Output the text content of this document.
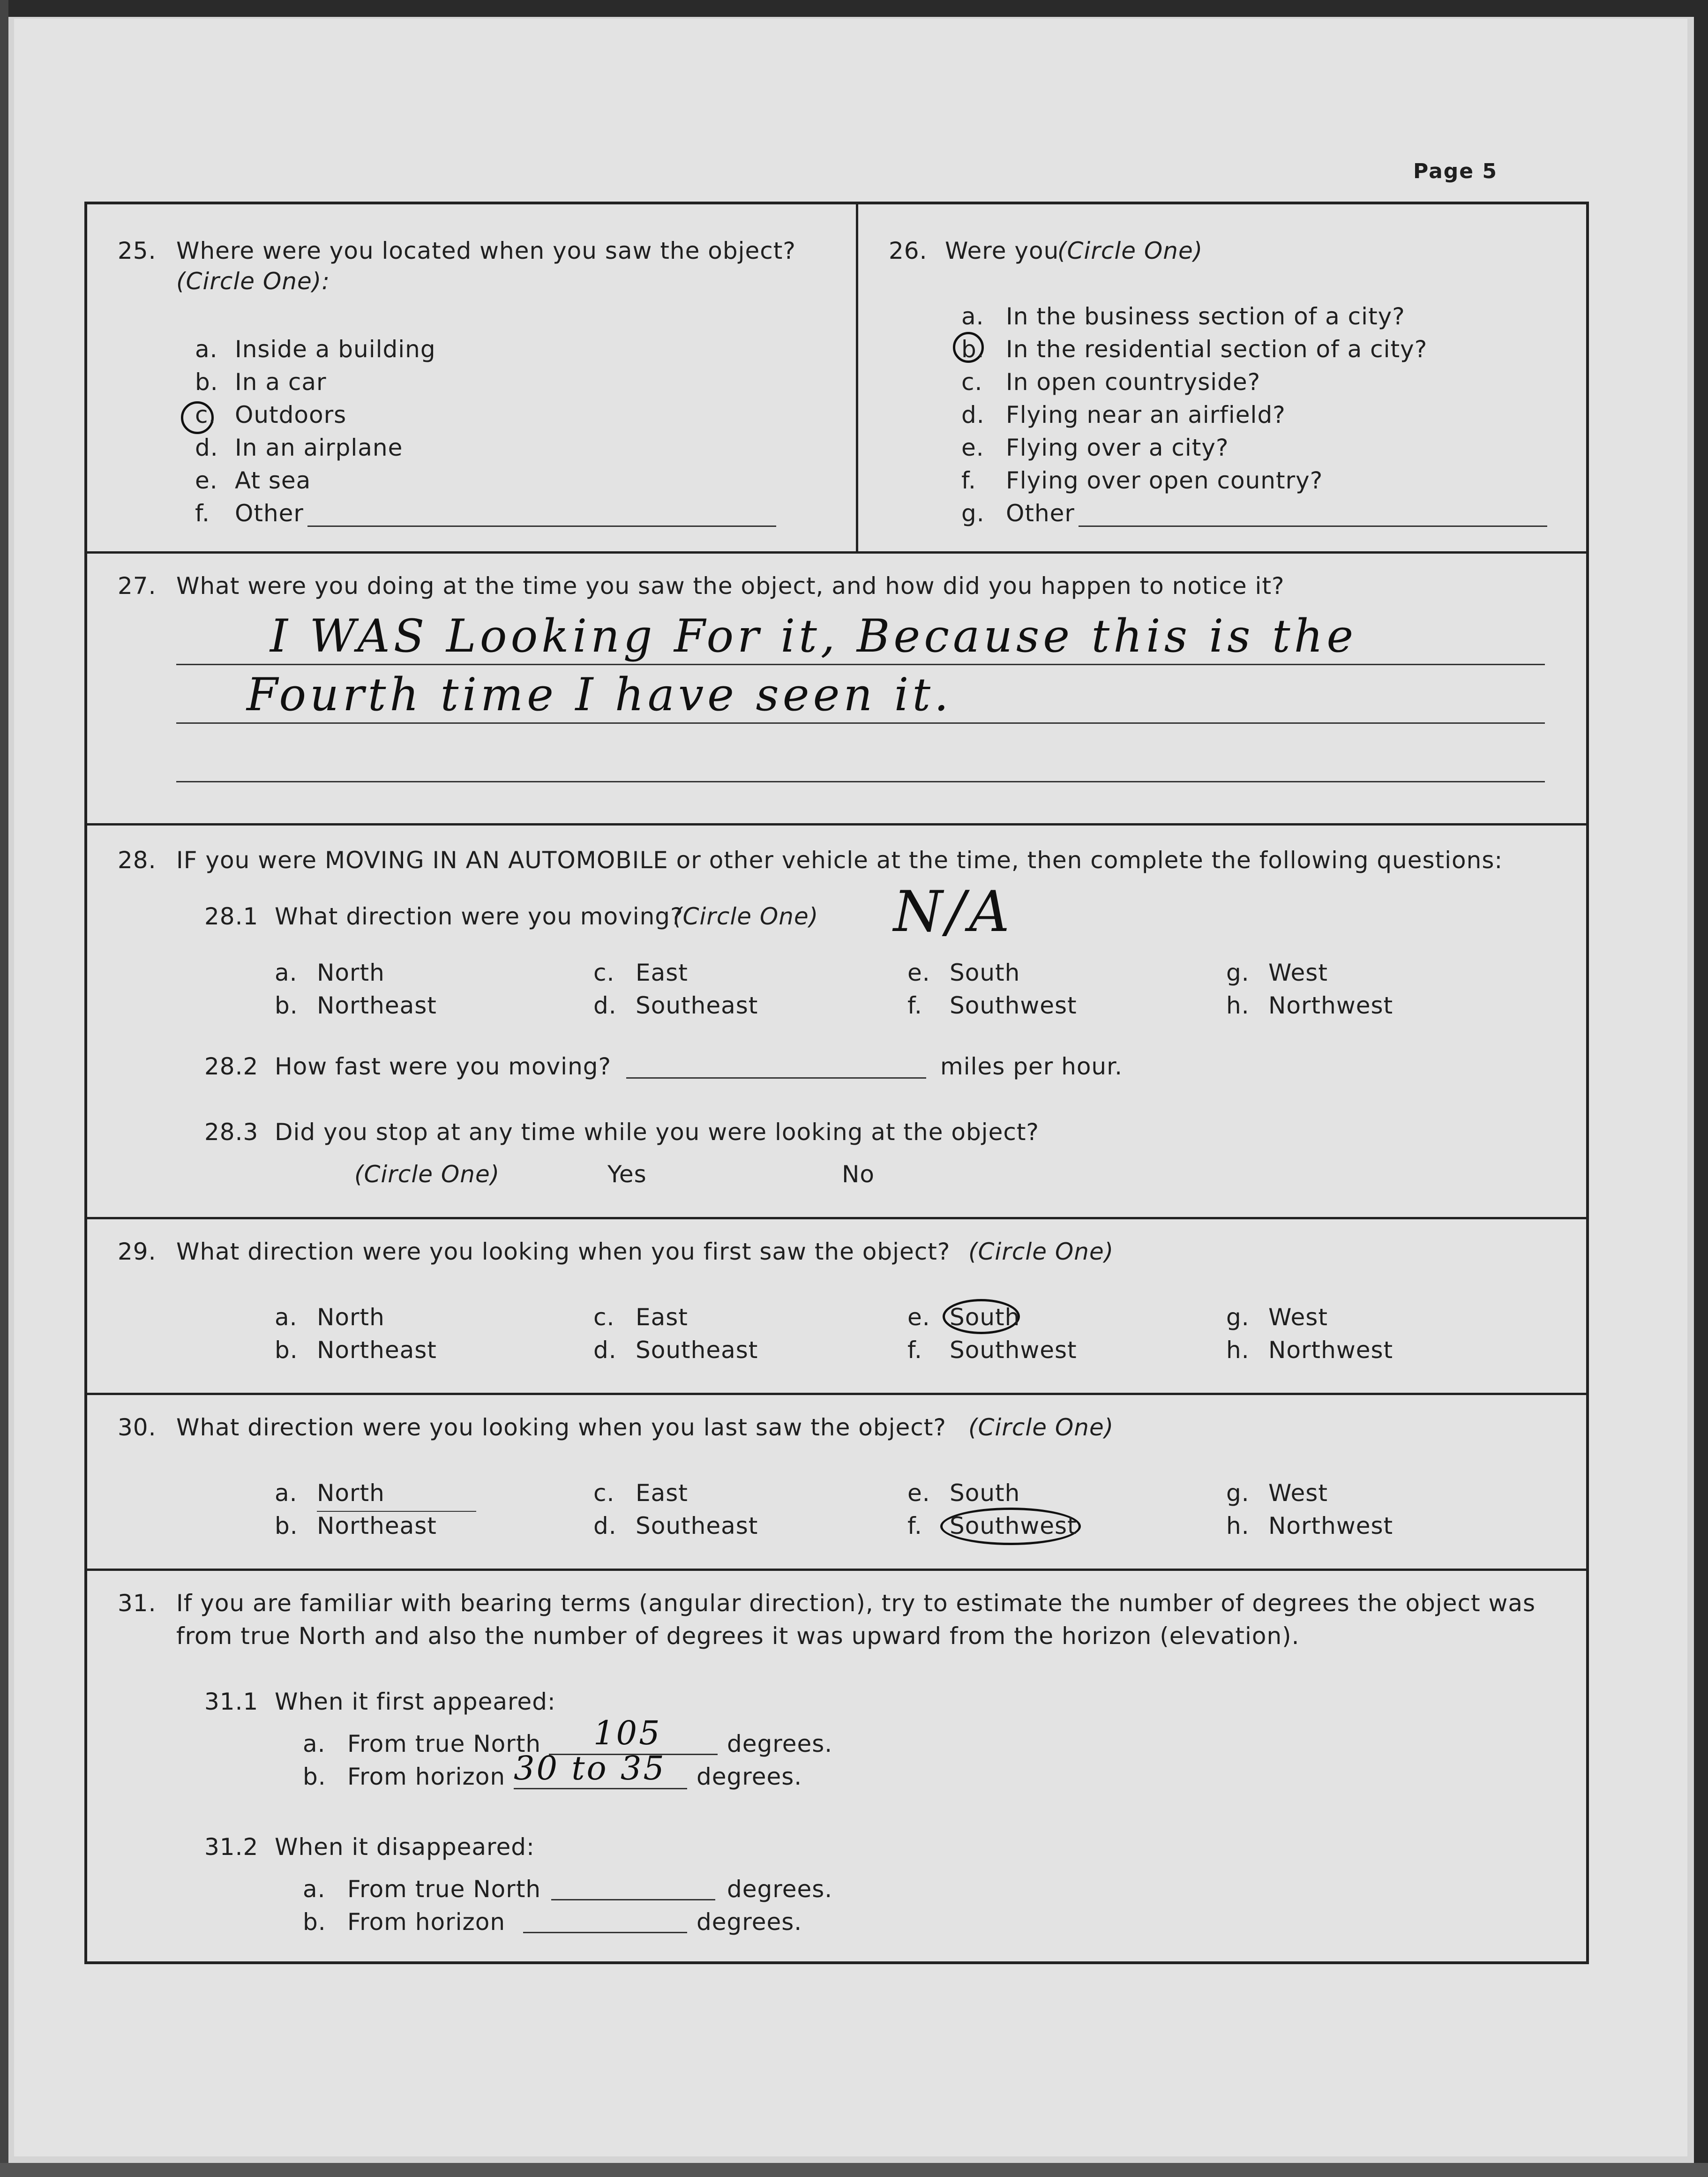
Page 5
25. Where were you located when you saw the object?
(Circle One):
a. Inside a building
b. In a car
c. Outdoors
d. In an airplane
e. At sea
f. Other
26. Were you
(Circle One)
a. In the business section of a city?
b. In the residential section of a city?
c. In open countryside?
d. Flying near an airfield?
e. Flying over a city?
f. Flying over open country?
g. Other
27. What were you doing at the time you saw the object, and how did you happen to notice it?
I WAS Looking For it, Because this is the
Fourth time I have seen it.
28. IF you were MOVING IN AN AUTOMOBILE or other vehicle at the time, then complete the following questions:
28.1 What direction were you moving?
(Circle One) N/A
a. North
b. Northeast
c. East
d. Southeast
e. South
f. Southwest
g. West
h. Northwest
28.2 How fast were you moving?	miles per hour.
28.3 Did you stop at any time while you were looking at the object?
(Circle One)	Yes	No
29. What direction were you looking when you first saw the object? (Circle One)
a. North
b. Northeast
c. East
d. Southeast
e. South
f. Southwest
g. West
h. Northwest
30. What direction were you looking when you last saw the object? (Circle One)
a. North
b. Northeast
c. East
d. Southeast
e. South
f. Southwest
g. West
h. Northwest
31. If you are familiar with bearing terms (angular direction), try to estimate the number of degrees the object was
from true North and also the number of degrees it was upward from the horizon (elevation).
31.1 When it first appeared:
a. From true North 105	degrees.
b. From horizon 30 to 35 degrees.
31.2 When it disappeared:
a. From true North	degrees.
b. From horizon	degrees.
